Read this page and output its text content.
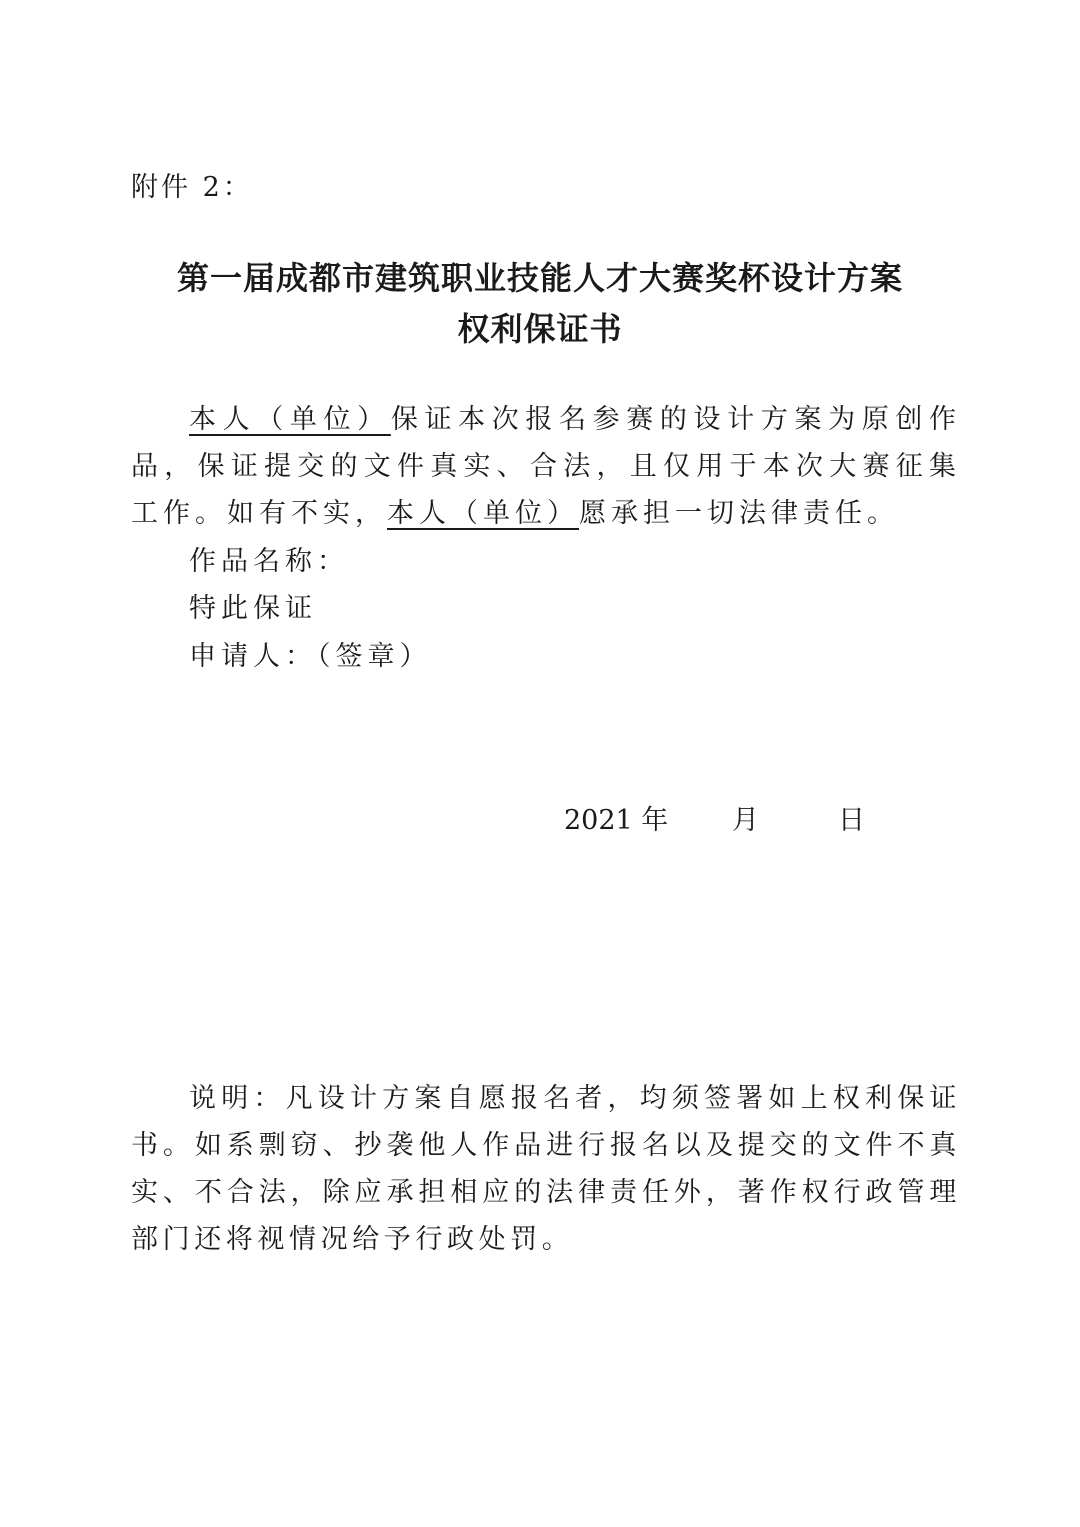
附件 2：
第一届成都市建筑职业技能人才大赛奖杯设计方案
权利保证书
本人（单位）保证本次报名参赛的设计方案为原创作品，保证提交的文件真实、合法，且仅用于本次大赛征集工作。如有不实，本人（单位）愿承担一切法律责任。
作品名称：
特此保证
申请人：（签章）
2021 年 月	日
说明：凡设计方案自愿报名者，均须签署如上权利保证书。如系剽窃、抄袭他人作品进行报名以及提交的文件不真实、不合法，除应承担相应的法律责任外，著作权行政管理部门还将视情况给予行政处罚。
